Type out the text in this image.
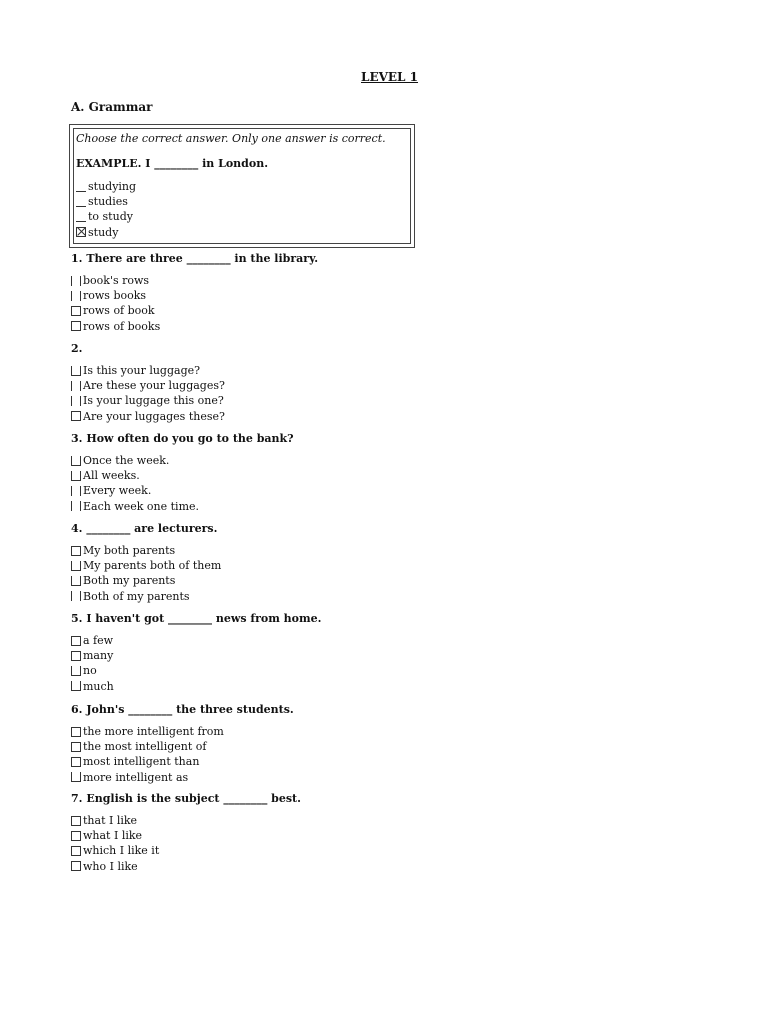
LEVEL 1
A. Grammar
Choose the correct answer. Only one answer is correct.
EXAMPLE. I ________ in London.
studying
studies
to study
study
1. There are three ________ in the library.
book's rows
rows books
rows of book
rows of books
2.
Is this your luggage?
Are these your luggages?
Is your luggage this one?
Are your luggages these?
3. How often do you go to the bank?
Once the week.
All weeks.
Every week.
Each week one time.
4. ________ are lecturers.
My both parents
My parents both of them
Both my parents
Both of my parents
5. I haven't got ________ news from home.
a few
many
no
much
6. John's ________ the three students.
the more intelligent from
the most intelligent of
most intelligent than
more intelligent as
7. English is the subject ________ best.
that I like
what I like
which I like it
who I like
